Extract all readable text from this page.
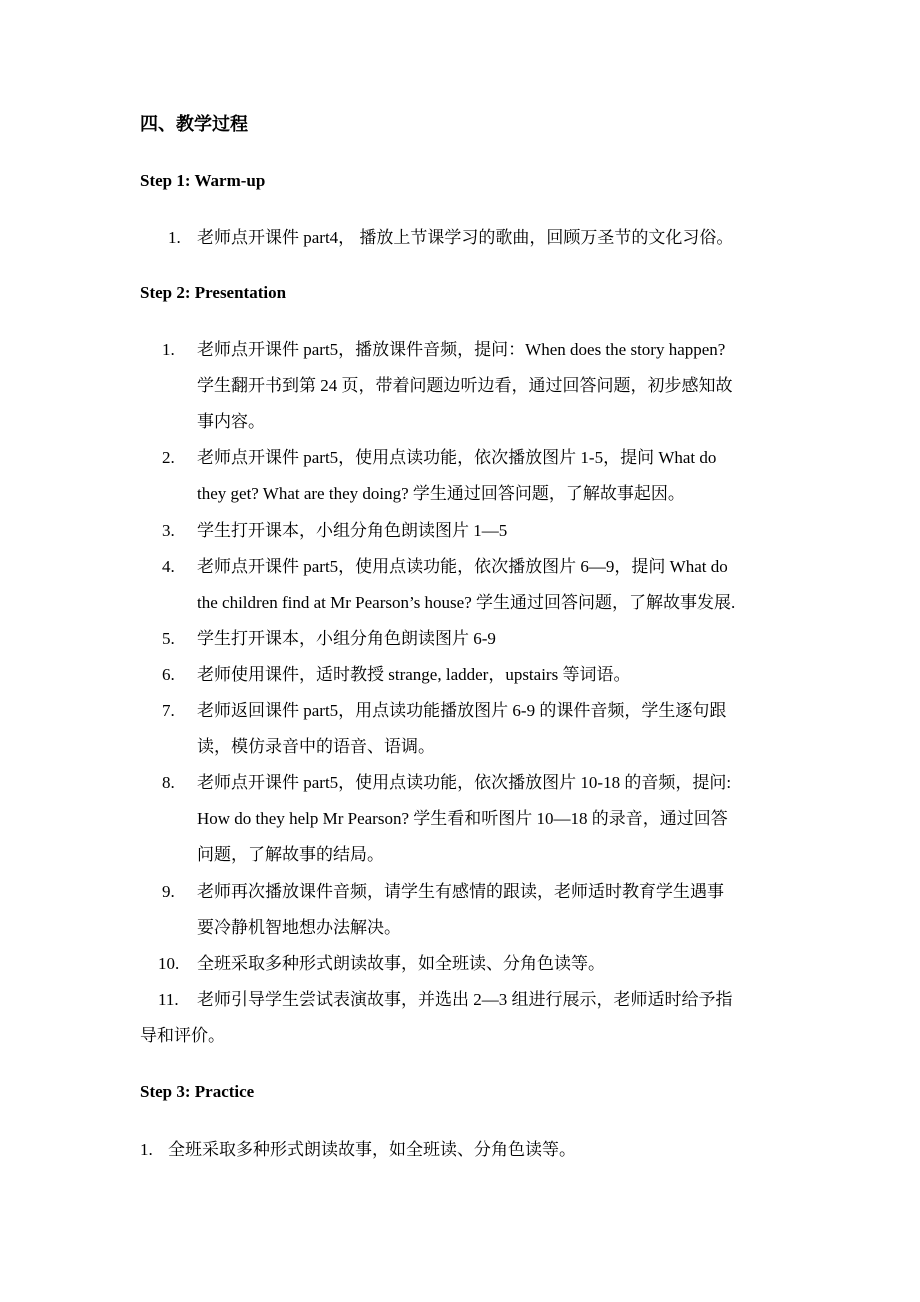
四、教学过程
Step 1: Warm-up
1. 老师点开课件 part4， 播放上节课学习的歌曲，回顾万圣节的文化习俗。
Step 2: Presentation
1. 老师点开课件 part5，播放课件音频，提问：When does the story happen?
学生翻开书到第 24 页，带着问题边听边看，通过回答问题，初步感知故
事内容。
2. 老师点开课件 part5，使用点读功能，依次播放图片 1-5，提问 What do
they get? What are they doing? 学生通过回答问题，了解故事起因。
3. 学生打开课本，小组分角色朗读图片 1—5
4. 老师点开课件 part5，使用点读功能，依次播放图片 6—9，提问 What do
the children find at Mr Pearson’s house? 学生通过回答问题，了解故事发展.
5. 学生打开课本，小组分角色朗读图片 6-9
6. 老师使用课件，适时教授 strange, ladder，upstairs 等词语。
7. 老师返回课件 part5，用点读功能播放图片 6-9 的课件音频，学生逐句跟
读，模仿录音中的语音、语调。
8. 老师点开课件 part5，使用点读功能，依次播放图片 10-18 的音频，提问:
How do they help Mr Pearson? 学生看和听图片 10—18 的录音，通过回答
问题，了解故事的结局。
9. 老师再次播放课件音频，请学生有感情的跟读，老师适时教育学生遇事
要冷静机智地想办法解决。
10. 全班采取多种形式朗读故事，如全班读、分角色读等。
11. 老师引导学生尝试表演故事，并选出 2—3 组进行展示，老师适时给予指
导和评价。
Step 3: Practice
1. 全班采取多种形式朗读故事，如全班读、分角色读等。
